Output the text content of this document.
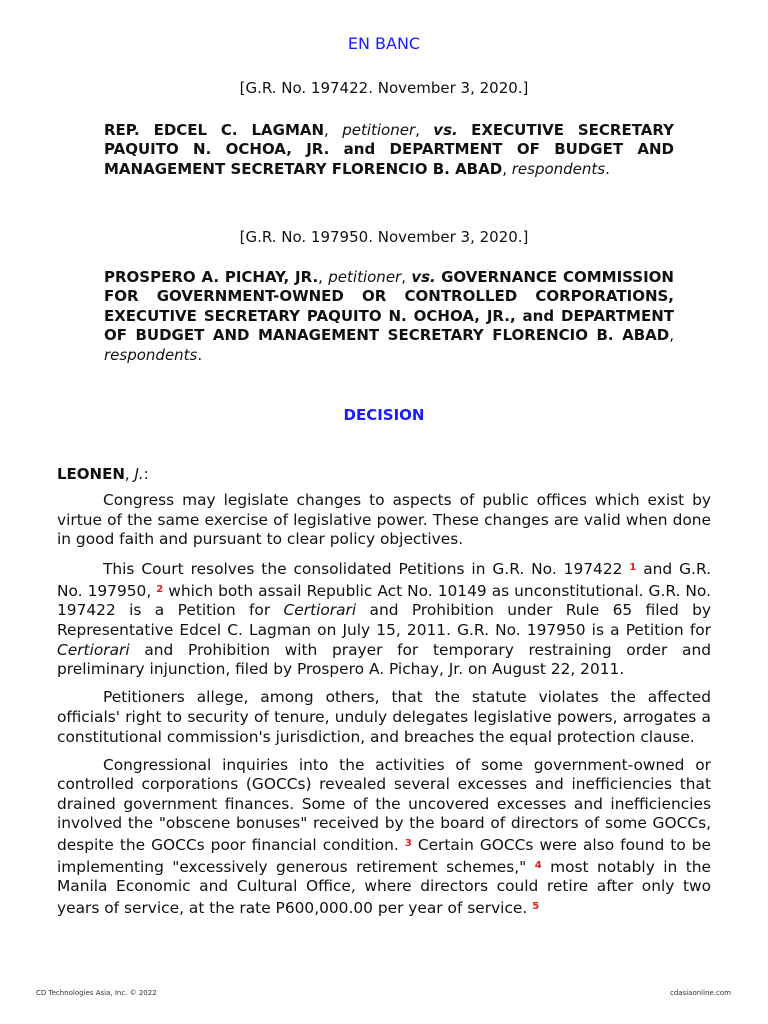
EN BANC
[G.R. No. 197422. November 3, 2020.]
REP. EDCEL C. LAGMAN, petitioner, vs. EXECUTIVE SECRETARY PAQUITO N. OCHOA, JR. and DEPARTMENT OF BUDGET AND MANAGEMENT SECRETARY FLORENCIO B. ABAD, respondents.
[G.R. No. 197950. November 3, 2020.]
PROSPERO A. PICHAY, JR., petitioner, vs. GOVERNANCE COMMISSION FOR GOVERNMENT-OWNED OR CONTROLLED CORPORATIONS, EXECUTIVE SECRETARY PAQUITO N. OCHOA, JR., and DEPARTMENT OF BUDGET AND MANAGEMENT SECRETARY FLORENCIO B. ABAD, respondents.
DECISION
LEONEN, J.:

Congress may legislate changes to aspects of public offices which exist by virtue of the same exercise of legislative power. These changes are valid when done in good faith and pursuant to clear policy objectives.

This Court resolves the consolidated Petitions in G.R. No. 197422 $^1$ and G.R. No. 197950, $^2$ which both assail Republic Act No. 10149 as unconstitutional. G.R. No. 197422 is a Petition for Certiorari and Prohibition under Rule 65 filed by Representative Edcel C. Lagman on July 15, 2011. G.R. No. 197950 is a Petition for Certiorari and Prohibition with prayer for temporary restraining order and preliminary injunction, filed by Prospero A. Pichay, Jr. on August 22, 2011.

Petitioners allege, among others, that the statute violates the affected officials' right to security of tenure, unduly delegates legislative powers, arrogates a constitutional commission's jurisdiction, and breaches the equal protection clause.

Congressional inquiries into the activities of some government-owned or controlled corporations (GOCCs) revealed several excesses and inefficiencies that drained government finances. Some of the uncovered excesses and inefficiencies involved the "obscene bonuses" received by the board of directors of some GOCCs, despite the GOCCs poor financial condition. $^3$ Certain GOCCs were also found to be implementing "excessively generous retirement schemes," $^4$ most notably in the Manila Economic and Cultural Office, where directors could retire after only two years of service, at the rate P600,000.00 per year of service. $^5$

CD Technologies Asia, Inc. © 2022	cdasiaonline.com
